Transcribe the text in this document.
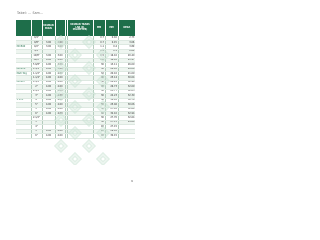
Tabel: ... Sam...
		UKURAN PAKAI			UKURAN TRANS LAN (D, MILIMETER)	MM	MM	DEDA
	0/4"					0.7	0.10	2.73
	0/8"	3.00	2.00			0.7	0.15	3.06
Mm840	0/2"	3.00	3.00			1.1	0.4	3.89
	5/4"					0.4	0.1	0.60
	10/8"	3.00	3.00			0.5	16.10	20.40
	10/4"	4.00	4.00			0.6	16.10	21.97
	5 6/8"	4.00	4.00			30	13.11	26.09
Mm2mt	1.1/4"	4.00	4.00			30	20.10	28.09
Metr 5kg	1.1/2"	4.00	4.00			32	20.10	21.09
	1.1/4"	4.00	4.00			30	25.14	30.04
Mm2t5	1.1/2"	4.00	4.00			30	20.22	32.94
	2"	4.00	4.00			30	26.73	32.09
	2.1/2"	4.00	4.00			30	23.77	32.03
	3"	4.00	4.00			30	24.23	32.39
5 mm	4"	4.00	4.00			30	30.10	30.70
	5"	4.00	4.00			30	25.46	30.06
	5"	4.00	4.00			30	27.10	32.64
	6"	4.00	4.00			30	32.10	32.94
	2.1/2"					30	27.70	32.64
	3"					30	27.15	29.64
	4"					40	27.15	
	5"	4.00	4.00			40	29.10	
	6"	4.00	4.00			40	30.15	
9
